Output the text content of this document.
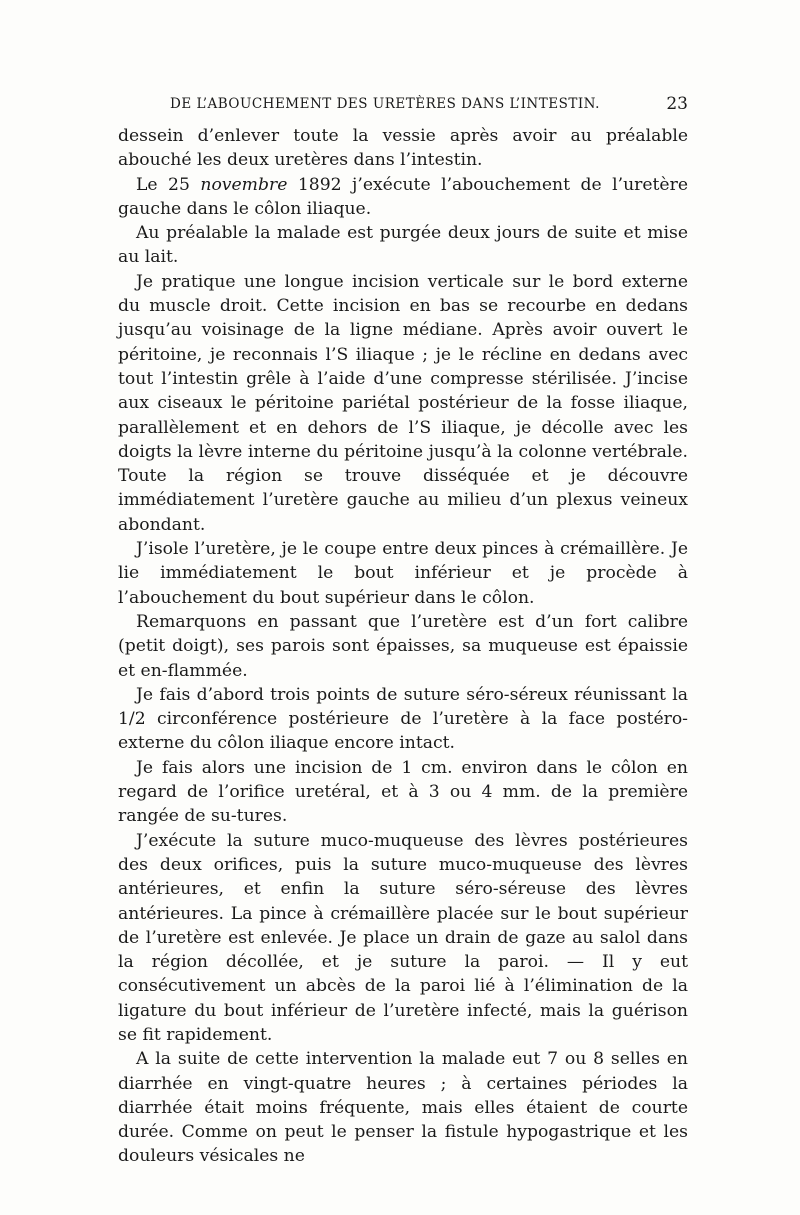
DE L’ABOUCHEMENT DES URETÈRES DANS L’INTESTIN.	23

dessein d’enlever toute la vessie après avoir au préalable abouché les deux uretères dans l’intestin.

Le 25 novembre 1892 j’exécute l’abouchement de l’uretère gauche dans le côlon iliaque.

Au préalable la malade est purgée deux jours de suite et mise au lait.

Je pratique une longue incision verticale sur le bord externe du muscle droit. Cette incision en bas se recourbe en dedans jusqu’au voisinage de la ligne médiane. Après avoir ouvert le péritoine, je reconnais l’S iliaque ; je le récline en dedans avec tout l’intestin grêle à l’aide d’une compresse stérilisée. J’incise aux ciseaux le péritoine pariétal postérieur de la fosse iliaque, parallèlement et en dehors de l’S iliaque, je décolle avec les doigts la lèvre interne du péritoine jusqu’à la colonne vertébrale. Toute la région se trouve disséquée et je découvre immédiatement l’uretère gauche au milieu d’un plexus veineux abondant.

J’isole l’uretère, je le coupe entre deux pinces à crémaillère. Je lie immédiatement le bout inférieur et je procède à l’abouchement du bout supérieur dans le côlon.

Remarquons en passant que l’uretère est d’un fort calibre (petit doigt), ses parois sont épaisses, sa muqueuse est épaissie et en-flammée.

Je fais d’abord trois points de suture séro-séreux réunissant la 1/2 circonférence postérieure de l’uretère à la face postéro-externe du côlon iliaque encore intact.

Je fais alors une incision de 1 cm. environ dans le côlon en regard de l’orifice uretéral, et à 3 ou 4 mm. de la première rangée de su-tures.

J’exécute la suture muco-muqueuse des lèvres postérieures des deux orifices, puis la suture muco-muqueuse des lèvres antérieures, et enfin la suture séro-séreuse des lèvres antérieures. La pince à crémaillère placée sur le bout supérieur de l’uretère est enlevée. Je place un drain de gaze au salol dans la région décollée, et je suture la paroi. — Il y eut consécutivement un abcès de la paroi lié à l’élimination de la ligature du bout inférieur de l’uretère infecté, mais la guérison se fit rapidement.

A la suite de cette intervention la malade eut 7 ou 8 selles en diarrhée en vingt-quatre heures ; à certaines périodes la diarrhée était moins fréquente, mais elles étaient de courte durée. Comme on peut le penser la fistule hypogastrique et les douleurs vésicales ne
